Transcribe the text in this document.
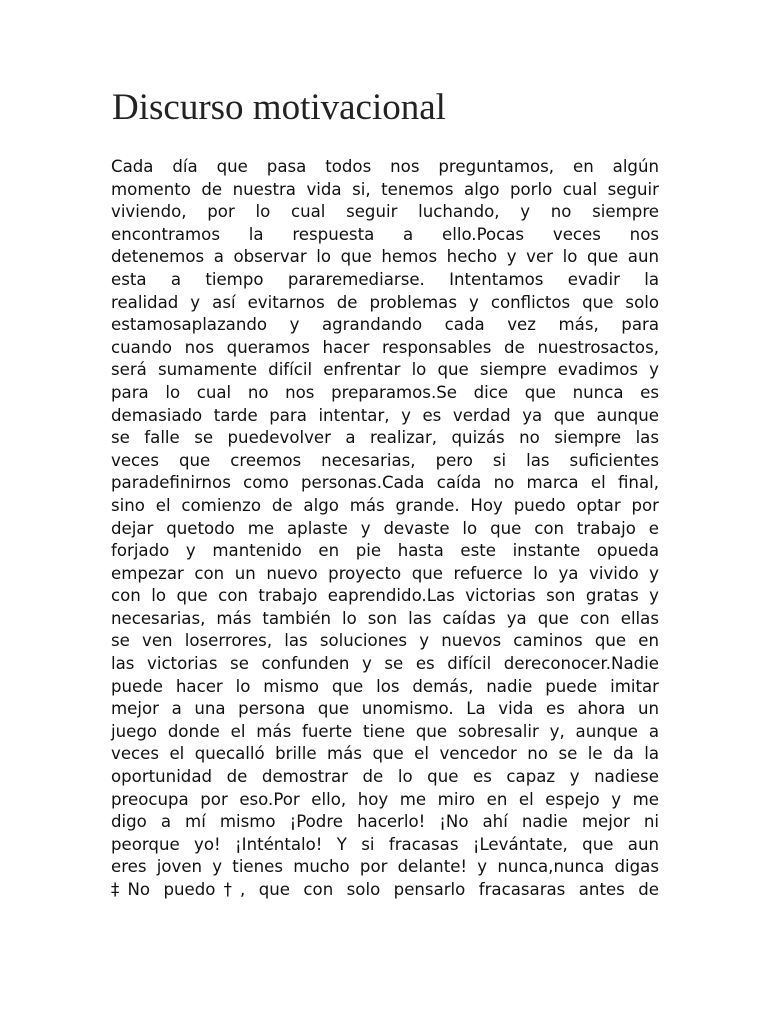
Discurso motivacional
Cada día que pasa todos nos preguntamos, en algún
momento de nuestra vida si, tenemos algo porlo cual seguir
viviendo, por lo cual seguir luchando, y no siempre
encontramos la respuesta a ello.Pocas veces nos
detenemos a observar lo que hemos hecho y ver lo que aun
esta a tiempo pararemediarse. Intentamos evadir la
realidad y así evitarnos de problemas y conflictos que solo
estamosaplazando y agrandando cada vez más, para
cuando nos queramos hacer responsables de nuestrosactos,
será sumamente difícil enfrentar lo que siempre evadimos y
para lo cual no nos preparamos.Se dice que nunca es
demasiado tarde para intentar, y es verdad ya que aunque
se falle se puedevolver a realizar, quizás no siempre las
veces que creemos necesarias, pero si las suficientes
paradefinirnos como personas.Cada caída no marca el final,
sino el comienzo de algo más grande. Hoy puedo optar por
dejar quetodo me aplaste y devaste lo que con trabajo e
forjado y mantenido en pie hasta este instante opueda
empezar con un nuevo proyecto que refuerce lo ya vivido y
con lo que con trabajo eaprendido.Las victorias son gratas y
necesarias, más también lo son las caídas ya que con ellas
se ven loserrores, las soluciones y nuevos caminos que en
las victorias se confunden y se es difícil dereconocer.Nadie
puede hacer lo mismo que los demás, nadie puede imitar
mejor a una persona que unomismo. La vida es ahora un
juego donde el más fuerte tiene que sobresalir y, aunque a
veces el quecalló brille más que el vencedor no se le da la
oportunidad de demostrar de lo que es capaz y nadiese
preocupa por eso.Por ello, hoy me miro en el espejo y me
digo a mí mismo ¡Podre hacerlo! ¡No ahí nadie mejor ni
peorque yo! ¡Inténtalo! Y si fracasas ¡Levántate, que aun
eres joven y tienes mucho por delante! y nunca,nunca digas
‡No puedo†, que con solo pensarlo fracasaras antes de
